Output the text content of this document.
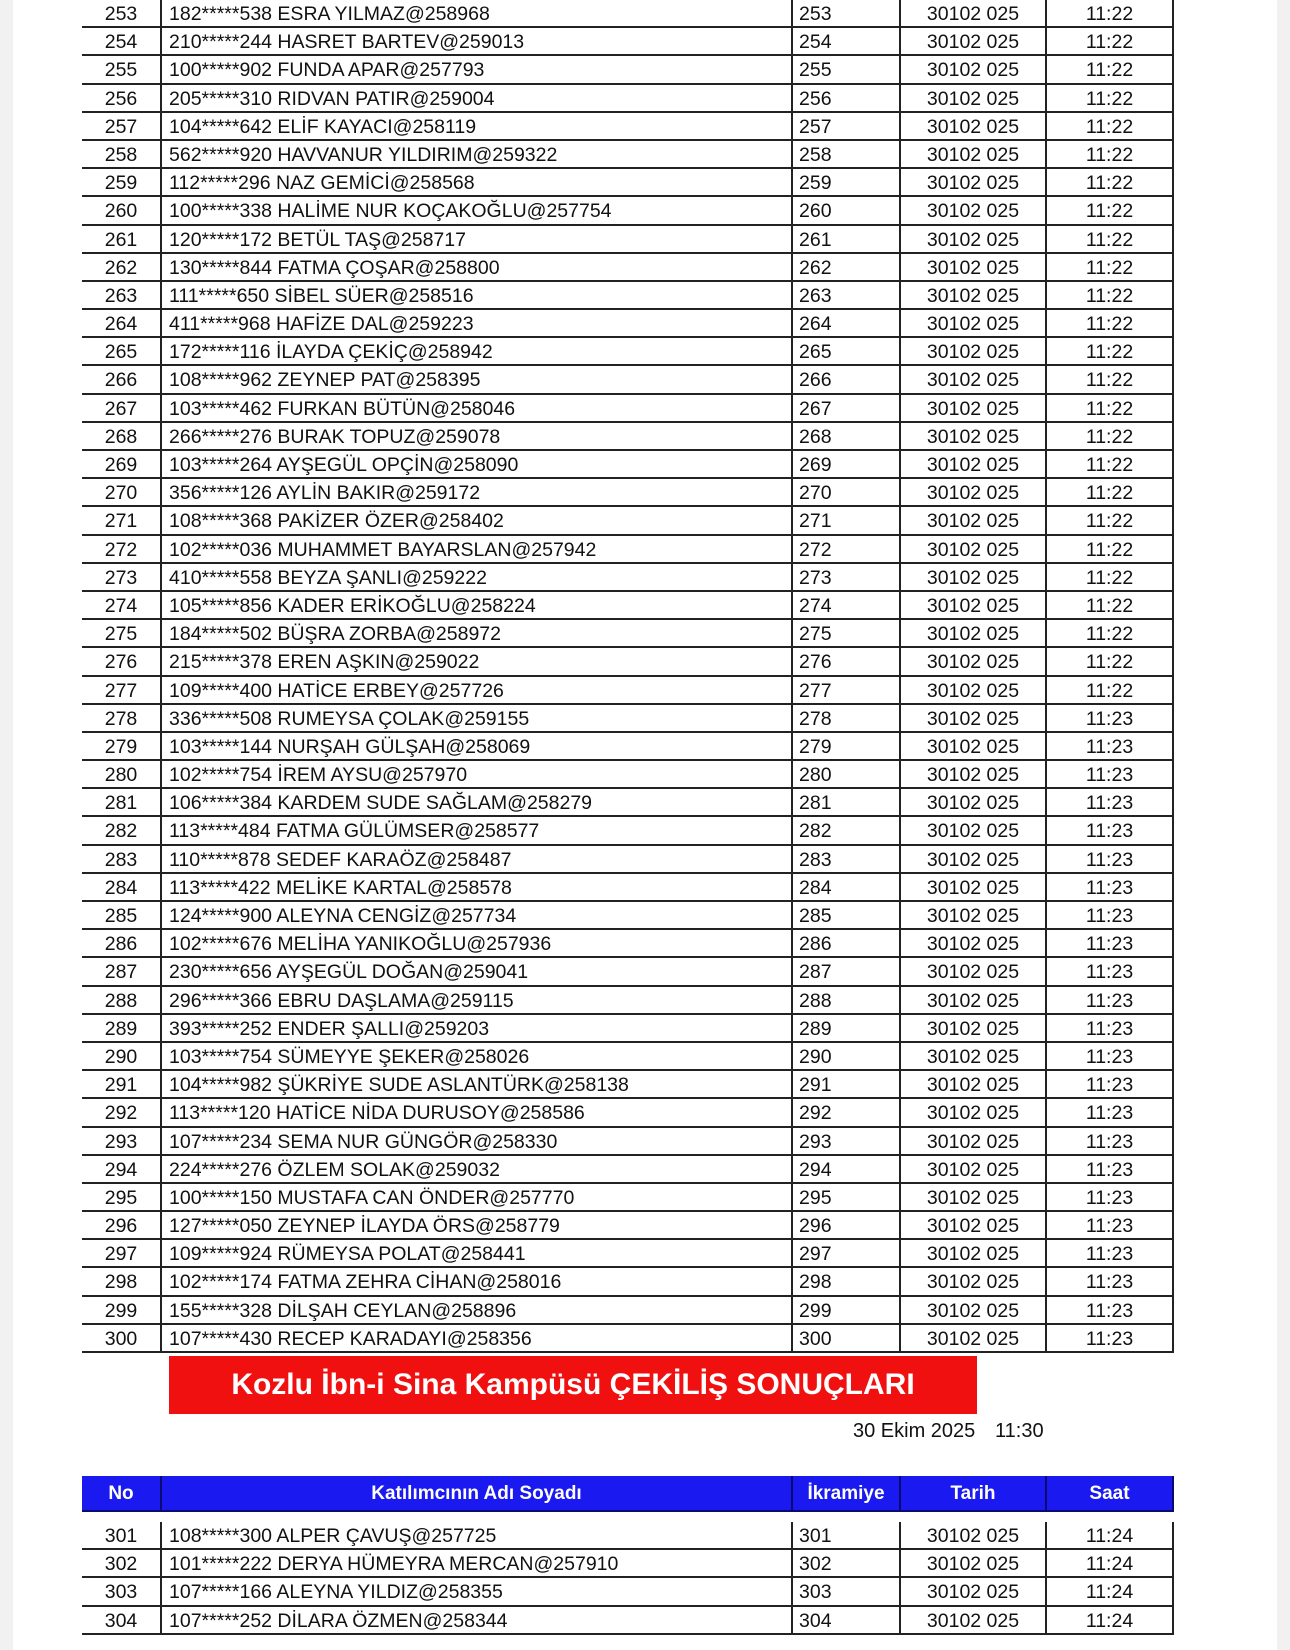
253	182*****538 ESRA YILMAZ@258968	253	30102 025	11:22
254	210*****244 HASRET BARTEV@259013	254	30102 025	11:22
255	100*****902 FUNDA APAR@257793	255	30102 025	11:22
256	205*****310 RIDVAN PATIR@259004	256	30102 025	11:22
257	104*****642 ELİF KAYACI@258119	257	30102 025	11:22
258	562*****920 HAVVANUR YILDIRIM@259322	258	30102 025	11:22
259	112*****296 NAZ GEMİCİ@258568	259	30102 025	11:22
260	100*****338 HALİME NUR KOÇAKOĞLU@257754	260	30102 025	11:22
261	120*****172 BETÜL TAŞ@258717	261	30102 025	11:22
262	130*****844 FATMA ÇOŞAR@258800	262	30102 025	11:22
263	111*****650 SİBEL SÜER@258516	263	30102 025	11:22
264	411*****968 HAFİZE DAL@259223	264	30102 025	11:22
265	172*****116 İLAYDA ÇEKİÇ@258942	265	30102 025	11:22
266	108*****962 ZEYNEP PAT@258395	266	30102 025	11:22
267	103*****462 FURKAN BÜTÜN@258046	267	30102 025	11:22
268	266*****276 BURAK TOPUZ@259078	268	30102 025	11:22
269	103*****264 AYŞEGÜL OPÇİN@258090	269	30102 025	11:22
270	356*****126 AYLİN BAKIR@259172	270	30102 025	11:22
271	108*****368 PAKİZER ÖZER@258402	271	30102 025	11:22
272	102*****036 MUHAMMET BAYARSLAN@257942	272	30102 025	11:22
273	410*****558 BEYZA ŞANLI@259222	273	30102 025	11:22
274	105*****856 KADER ERİKOĞLU@258224	274	30102 025	11:22
275	184*****502 BÜŞRA ZORBA@258972	275	30102 025	11:22
276	215*****378 EREN AŞKIN@259022	276	30102 025	11:22
277	109*****400 HATİCE ERBEY@257726	277	30102 025	11:22
278	336*****508 RUMEYSA ÇOLAK@259155	278	30102 025	11:23
279	103*****144 NURŞAH GÜLŞAH@258069	279	30102 025	11:23
280	102*****754 İREM AYSU@257970	280	30102 025	11:23
281	106*****384 KARDEM SUDE SAĞLAM@258279	281	30102 025	11:23
282	113*****484 FATMA GÜLÜMSER@258577	282	30102 025	11:23
283	110*****878 SEDEF KARAÖZ@258487	283	30102 025	11:23
284	113*****422 MELİKE KARTAL@258578	284	30102 025	11:23
285	124*****900 ALEYNA CENGİZ@257734	285	30102 025	11:23
286	102*****676 MELİHA YANIKOĞLU@257936	286	30102 025	11:23
287	230*****656 AYŞEGÜL DOĞAN@259041	287	30102 025	11:23
288	296*****366 EBRU DAŞLAMA@259115	288	30102 025	11:23
289	393*****252 ENDER ŞALLI@259203	289	30102 025	11:23
290	103*****754 SÜMEYYE ŞEKER@258026	290	30102 025	11:23
291	104*****982 ŞÜKRİYE SUDE ASLANTÜRK@258138	291	30102 025	11:23
292	113*****120 HATİCE NİDA DURUSOY@258586	292	30102 025	11:23
293	107*****234 SEMA NUR GÜNGÖR@258330	293	30102 025	11:23
294	224*****276 ÖZLEM SOLAK@259032	294	30102 025	11:23
295	100*****150 MUSTAFA CAN ÖNDER@257770	295	30102 025	11:23
296	127*****050 ZEYNEP İLAYDA ÖRS@258779	296	30102 025	11:23
297	109*****924 RÜMEYSA POLAT@258441	297	30102 025	11:23
298	102*****174 FATMA ZEHRA CİHAN@258016	298	30102 025	11:23
299	155*****328 DİLŞAH CEYLAN@258896	299	30102 025	11:23
300	107*****430 RECEP KARADAYI@258356	300	30102 025	11:23
Kozlu İbn-i Sina Kampüsü ÇEKİLİŞ SONUÇLARI
30 Ekim 2025 11:30
No	Katılımcının Adı Soyadı	İkramiye	Tarih	Saat
301	108*****300 ALPER ÇAVUŞ@257725	301	30102 025	11:24
302	101*****222 DERYA HÜMEYRA MERCAN@257910	302	30102 025	11:24
303	107*****166 ALEYNA YILDIZ@258355	303	30102 025	11:24
304	107*****252 DİLARA ÖZMEN@258344	304	30102 025	11:24
